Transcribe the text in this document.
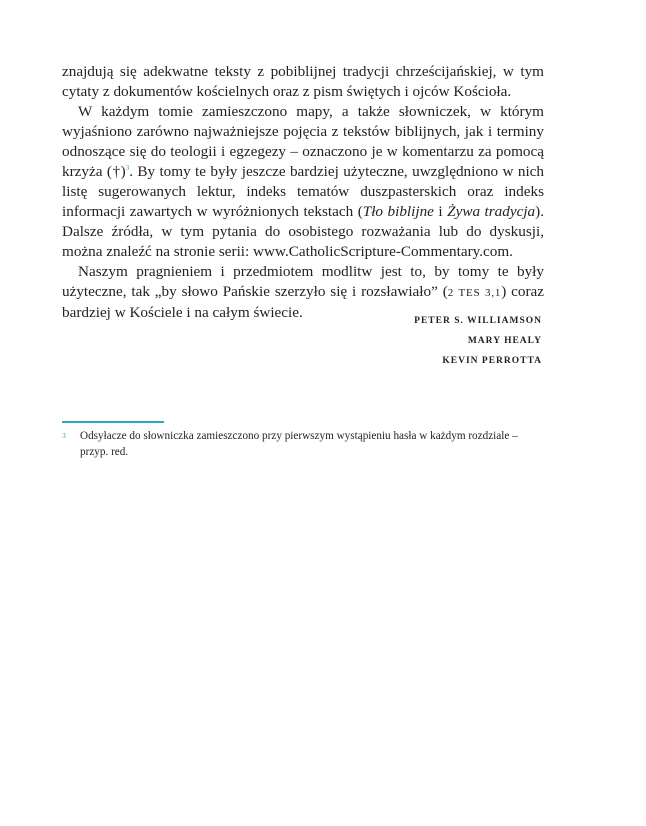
znajdują się adekwatne teksty z pobiblijnej tradycji chrześcijańskiej, w tym cytaty z dokumentów kościelnych oraz z pism świętych i ojców Kościoła.

W każdym tomie zamieszczono mapy, a także słowniczek, w którym wyjaśniono zarówno najważniejsze pojęcia z tekstów biblijnych, jak i terminy odnoszące się do teologii i egzegezy – oznaczono je w komentarzu za pomocą krzyża (†)$^3$. By tomy te były jeszcze bardziej użyteczne, uwzględniono w nich listę sugerowanych lektur, indeks tematów duszpasterskich oraz indeks informacji zawartych w wyróżnionych tekstach (Tło biblijne i Żywa tradycja). Dalsze źródła, w tym pytania do osobistego rozważania lub do dyskusji, można znaleźć na stronie serii: www.CatholicScripture-Commentary.com.

Naszym pragnieniem i przedmiotem modlitw jest to, by tomy te były użyteczne, tak „by słowo Pańskie szerzyło się i rozsławiało” (2 TES 3,1) coraz bardziej w Kościele i na całym świecie.	PETER S. WILLIAMSON
MARY HEALY
KEVIN PERROTTA
3 Odsyłacze do słowniczka zamieszczono przy pierwszym wystąpieniu hasła w każdym rozdziale – przyp. red.
